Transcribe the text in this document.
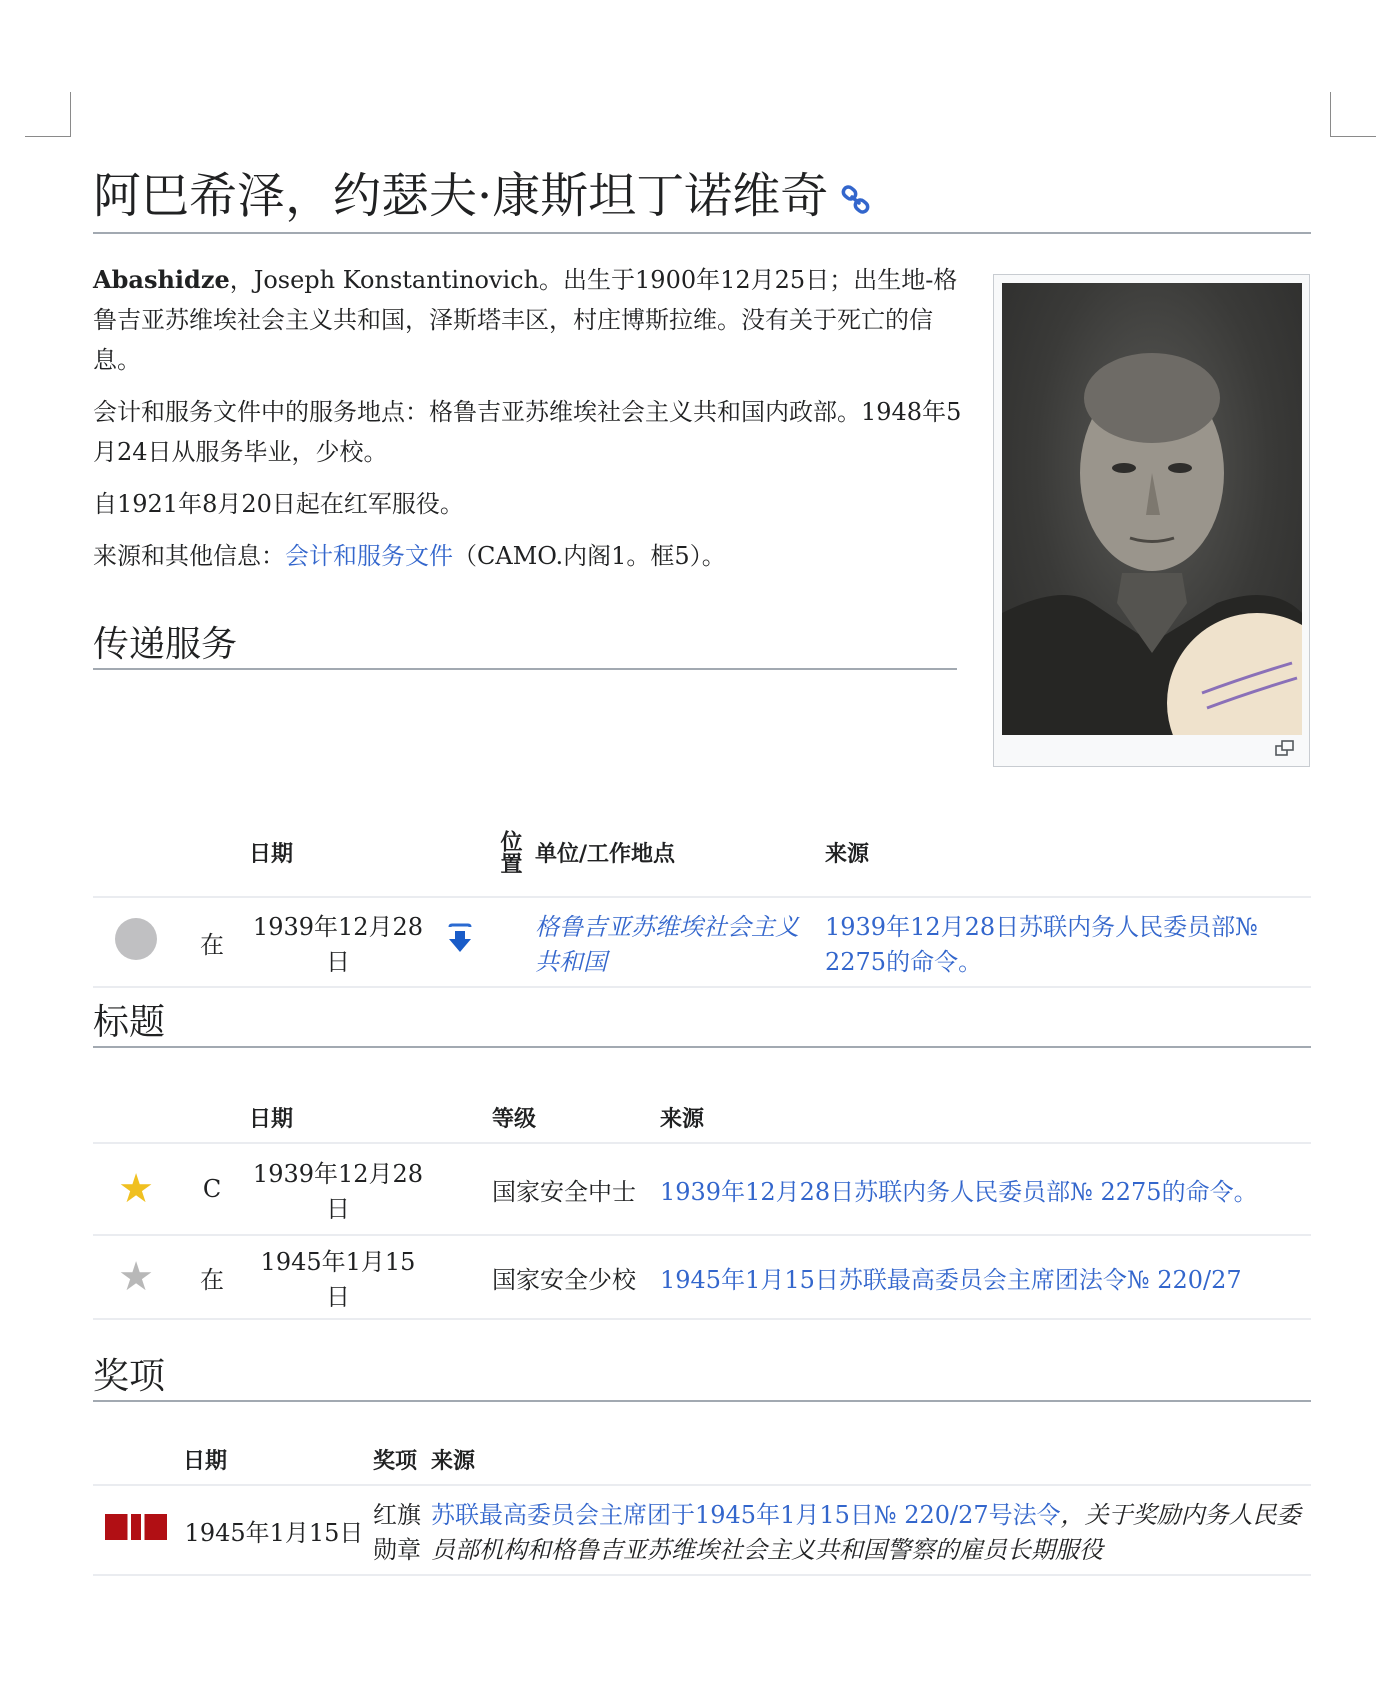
阿巴希泽，约瑟夫·康斯坦丁诺维奇

Abashidze，Joseph Konstantinovich。出生于1900年12月25日；出生地-格鲁吉亚苏维埃社会主义共和国，泽斯塔丰区，村庄博斯拉维。没有关于死亡的信息。

会计和服务文件中的服务地点：格鲁吉亚苏维埃社会主义共和国内政部。1948年5月24日从服务毕业，少校。

自1921年8月20日起在红军服役。

来源和其他信息：会计和服务文件（CAMO.内阁1。框5）。

传递服务
		日期		位置	单位/工作地点	来源
	在	1939年12月28日			格鲁吉亚苏维埃社会主义共和国	1939年12月28日苏联内务人民委员部№ 2275的命令。
标题
		日期		等级	来源
★	С	1939年12月28日		国家安全中士	1939年12月28日苏联内务人民委员部№ 2275的命令。
★	在	1945年1月15日		国家安全少校	1945年1月15日苏联最高委员会主席团法令№ 220/27
奖项
	日期	奖项	来源
	1945年1月15日	红旗勋章	苏联最高委员会主席团于1945年1月15日№ 220/27号法令，关于奖励内务人民委员部机构和格鲁吉亚苏维埃社会主义共和国警察的雇员长期服役
